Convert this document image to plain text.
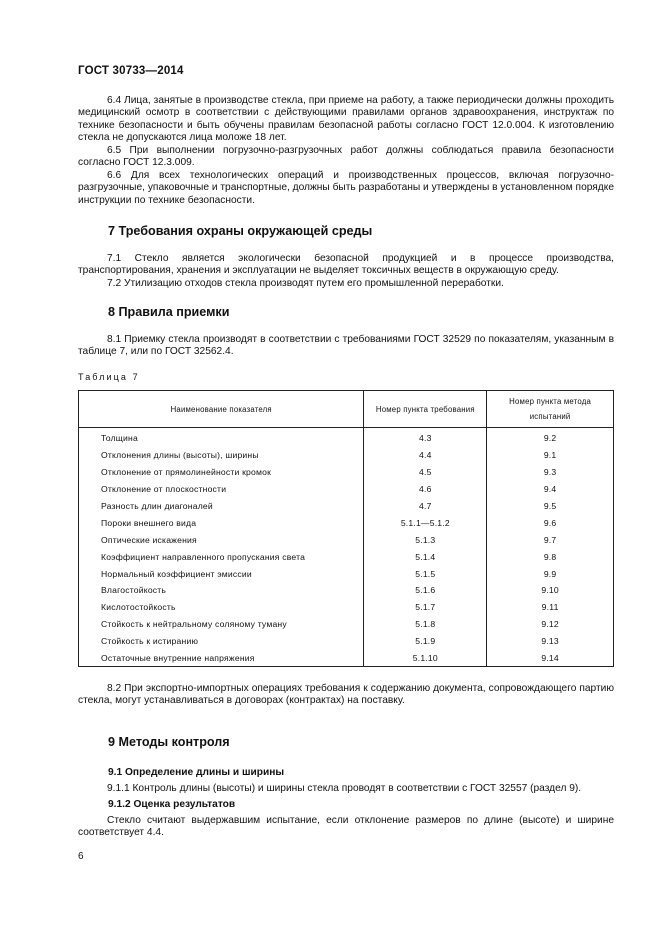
ГОСТ 30733—2014
6.4 Лица, занятые в производстве стекла, при приеме на работу, а также периодически должны проходить медицинский осмотр в соответствии с действующими правилами органов здравоохранения, инструктаж по технике безопасности и быть обучены правилам безопасной работы согласно ГОСТ 12.0.004. К изготовлению стекла не допускаются лица моложе 18 лет.
6.5 При выполнении погрузочно-разгрузочных работ должны соблюдаться правила безопасности согласно ГОСТ 12.3.009.
6.6 Для всех технологических операций и производственных процессов, включая погрузочно-разгрузочные, упаковочные и транспортные, должны быть разработаны и утверждены в установленном порядке инструкции по технике безопасности.
7 Требования охраны окружающей среды
7.1 Стекло является экологически безопасной продукцией и в процессе производства, транспортирования, хранения и эксплуатации не выделяет токсичных веществ в окружающую среду.
7.2 Утилизацию отходов стекла производят путем его промышленной переработки.
8 Правила приемки
8.1 Приемку стекла производят в соответствии с требованиями ГОСТ 32529 по показателям, указанным в таблице 7, или по ГОСТ 32562.4.
Таблица 7
Наименование показателя	Номер пункта требования	Номер пункта метода испытаний
Толщина	4.3	9.2
Отклонения длины (высоты), ширины	4.4	9.1
Отклонение от прямолинейности кромок	4.5	9.3
Отклонение от плоскостности	4.6	9.4
Разность длин диагоналей	4.7	9.5
Пороки внешнего вида	5.1.1—5.1.2	9.6
Оптические искажения	5.1.3	9.7
Коэффициент направленного пропускания света	5.1.4	9.8
Нормальный коэффициент эмиссии	5.1.5	9.9
Влагостойкость	5.1.6	9.10
Кислотостойкость	5.1.7	9.11
Стойкость к нейтральному соляному туману	5.1.8	9.12
Стойкость к истиранию	5.1.9	9.13
Остаточные внутренние напряжения	5.1.10	9.14
8.2 При экспортно-импортных операциях требования к содержанию документа, сопровождающего партию стекла, могут устанавливаться в договорах (контрактах) на поставку.
9 Методы контроля
9.1 Определение длины и ширины
9.1.1 Контроль длины (высоты) и ширины стекла проводят в соответствии с ГОСТ 32557 (раздел 9).
9.1.2 Оценка результатов
Стекло считают выдержавшим испытание, если отклонение размеров по длине (высоте) и ширине соответствует 4.4.
6
